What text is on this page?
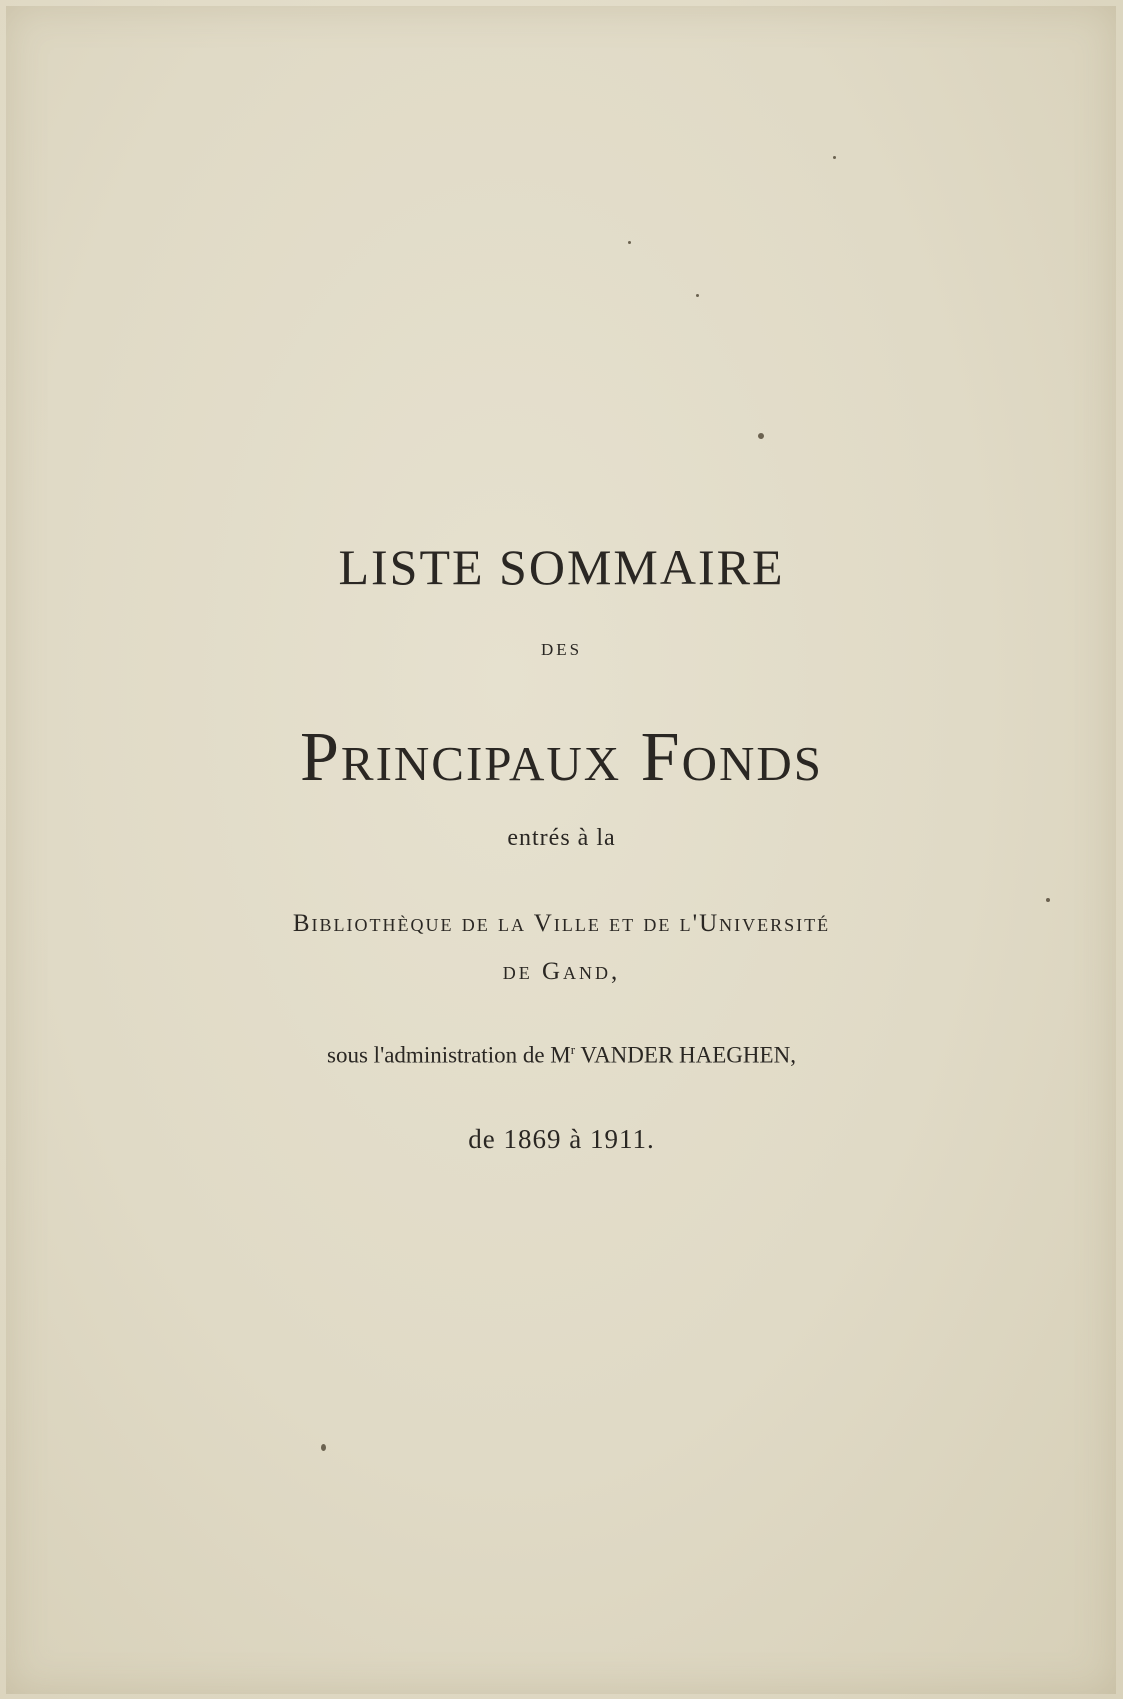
LISTE SOMMAIRE
DES
Principaux Fonds
entrés à la
Bibliothèque de la Ville et de l'Université
de Gand,
sous l'administration de $M^r$ VANDER HAEGHEN,
de 1869 à 1911.
